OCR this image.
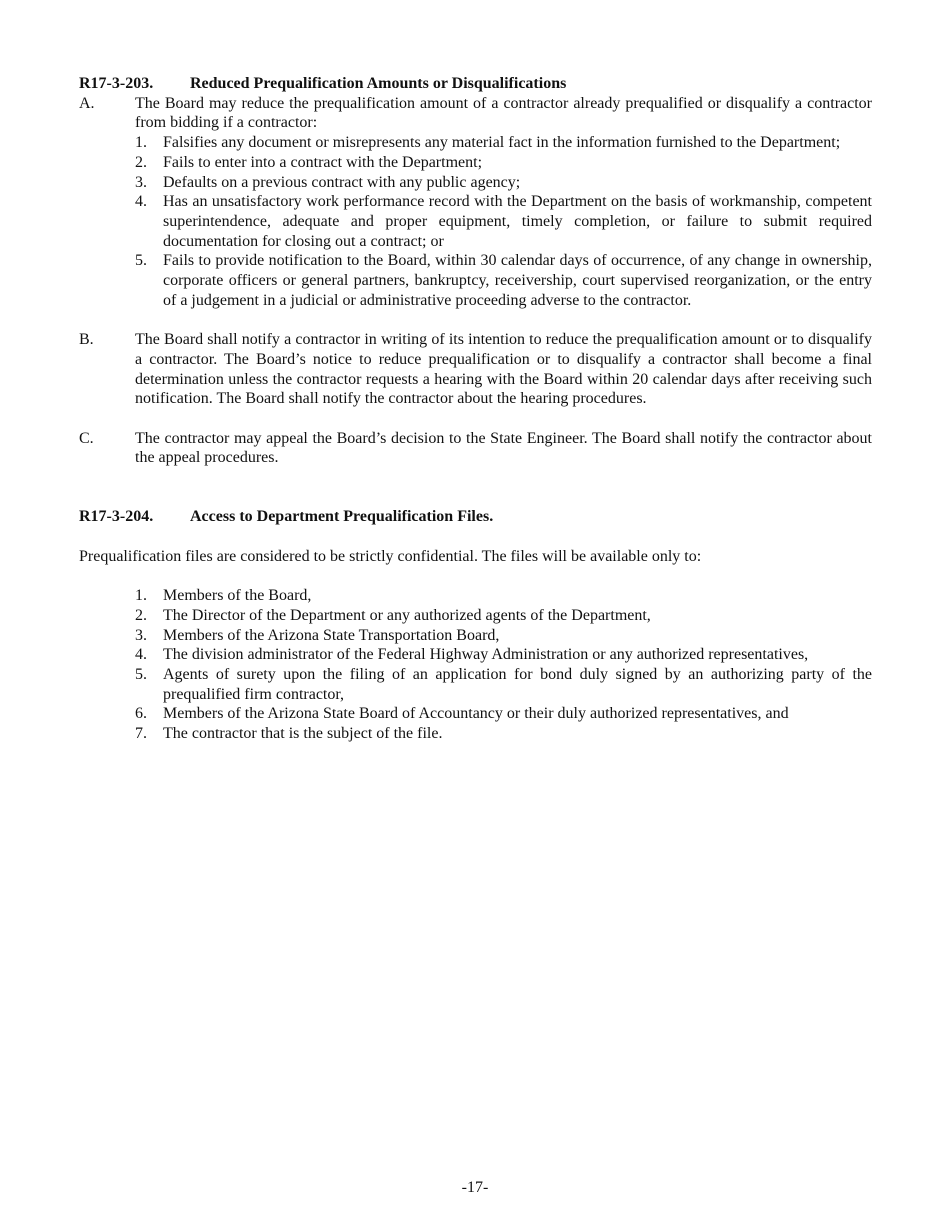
R17-3-203.	Reduced Prequalification Amounts or Disqualifications
A.	The Board may reduce the prequalification amount of a contractor already prequalified or disqualify a contractor from bidding if a contractor:
1.	Falsifies any document or misrepresents any material fact in the information furnished to the Department;
2.	Fails to enter into a contract with the Department;
3.	Defaults on a previous contract with any public agency;
4.	Has an unsatisfactory work performance record with the Department on the basis of workmanship, competent superintendence, adequate and proper equipment, timely completion, or failure to submit required documentation for closing out a contract; or
5.	Fails to provide notification to the Board, within 30 calendar days of occurrence, of any change in ownership, corporate officers or general partners, bankruptcy, receivership, court supervised reorganization, or the entry of a judgement in a judicial or administrative proceeding adverse to the contractor.
B.	The Board shall notify a contractor in writing of its intention to reduce the prequalification amount or to disqualify a contractor. The Board’s notice to reduce prequalification or to disqualify a contractor shall become a final determination unless the contractor requests a hearing with the Board within 20 calendar days after receiving such notification. The Board shall notify the contractor about the hearing procedures.
C.	The contractor may appeal the Board’s decision to the State Engineer. The Board shall notify the contractor about the appeal procedures.
R17-3-204.	Access to Department Prequalification Files.
Prequalification files are considered to be strictly confidential. The files will be available only to:
1.	Members of the Board,
2.	The Director of the Department or any authorized agents of the Department,
3.	Members of the Arizona State Transportation Board,
4.	The division administrator of the Federal Highway Administration or any authorized representatives,
5.	Agents of surety upon the filing of an application for bond duly signed by an authorizing party of the prequalified firm contractor,
6.	Members of the Arizona State Board of Accountancy or their duly authorized representatives, and
7.	The contractor that is the subject of the file.
-17-
